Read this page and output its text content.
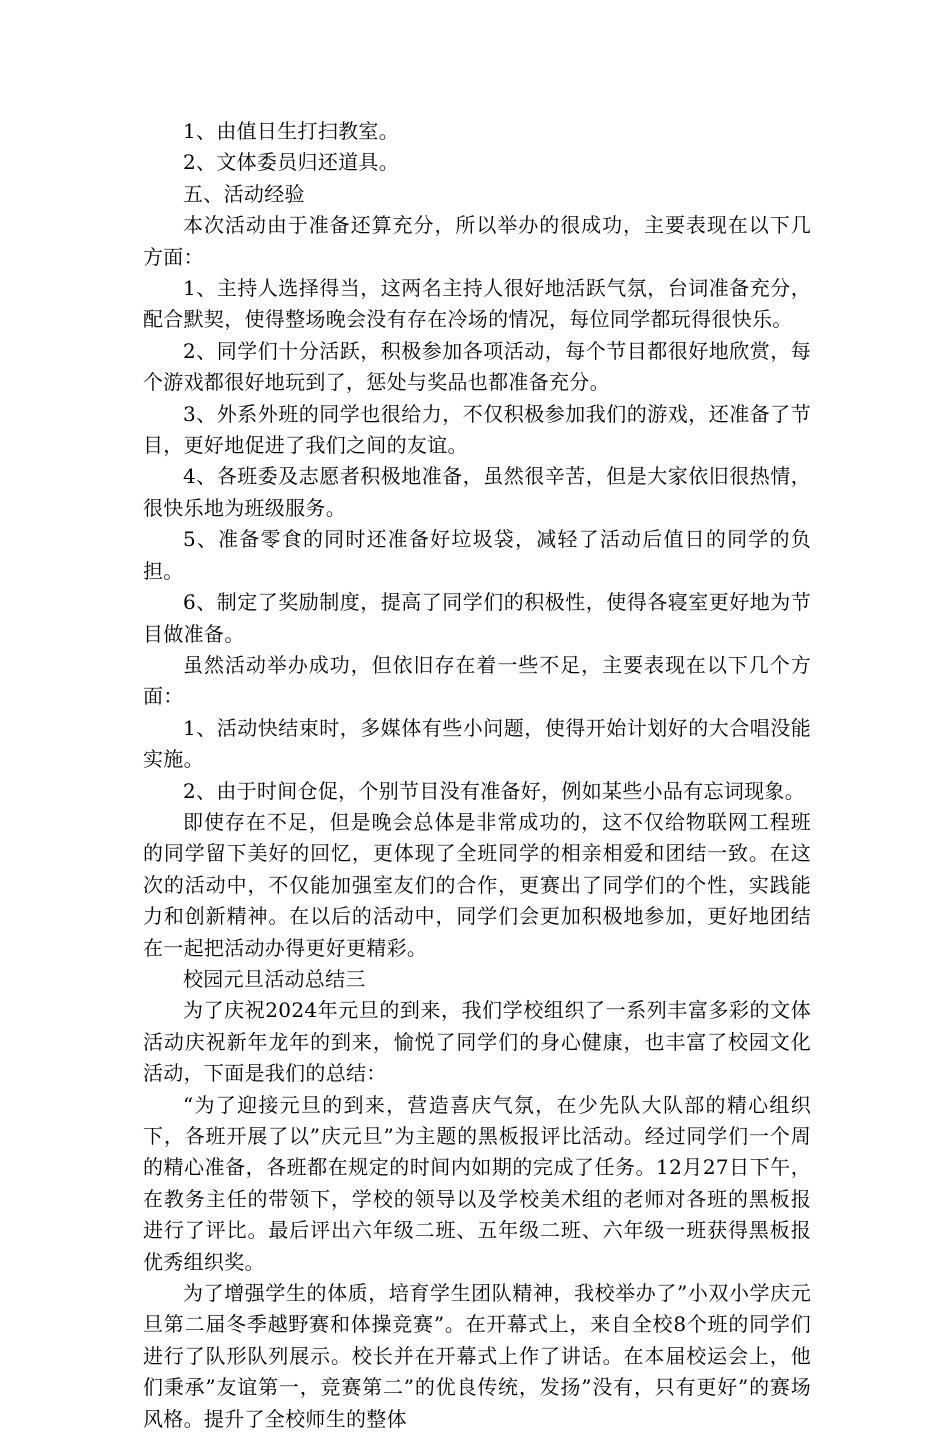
1、由值日生打扫教室。

2、文体委员归还道具。

五、活动经验

本次活动由于准备还算充分，所以举办的很成功，主要表现在以下几方面：

1、主持人选择得当，这两名主持人很好地活跃气氛，台词准备充分，配合默契，使得整场晚会没有存在冷场的情况，每位同学都玩得很快乐。

2、同学们十分活跃，积极参加各项活动，每个节目都很好地欣赏，每个游戏都很好地玩到了，惩处与奖品也都准备充分。

3、外系外班的同学也很给力，不仅积极参加我们的游戏，还准备了节目，更好地促进了我们之间的友谊。

4、各班委及志愿者积极地准备，虽然很辛苦，但是大家依旧很热情，很快乐地为班级服务。

5、准备零食的同时还准备好垃圾袋，减轻了活动后值日的同学的负担。

6、制定了奖励制度，提高了同学们的积极性，使得各寝室更好地为节目做准备。

虽然活动举办成功，但依旧存在着一些不足，主要表现在以下几个方面：

1、活动快结束时，多媒体有些小问题，使得开始计划好的大合唱没能实施。

2、由于时间仓促，个别节目没有准备好，例如某些小品有忘词现象。

即使存在不足，但是晚会总体是非常成功的，这不仅给物联网工程班的同学留下美好的回忆，更体现了全班同学的相亲相爱和团结一致。在这次的活动中，不仅能加强室友们的合作，更赛出了同学们的个性，实践能力和创新精神。在以后的活动中，同学们会更加积极地参加，更好地团结在一起把活动办得更好更精彩。

校园元旦活动总结三

为了庆祝2024年元旦的到来，我们学校组织了一系列丰富多彩的文体活动庆祝新年龙年的到来，愉悦了同学们的身心健康，也丰富了校园文化活动，下面是我们的总结：

“为了迎接元旦的到来，营造喜庆气氛，在少先队大队部的精心组织下，各班开展了以”庆元旦”为主题的黑板报评比活动。经过同学们一个周的精心准备，各班都在规定的时间内如期的完成了任务。12月27日下午，在教务主任的带领下，学校的领导以及学校美术组的老师对各班的黑板报进行了评比。最后评出六年级二班、五年级二班、六年级一班获得黑板报优秀组织奖。

为了增强学生的体质，培育学生团队精神，我校举办了”小双小学庆元旦第二届冬季越野赛和体操竞赛”。在开幕式上，来自全校8个班的同学们进行了队形队列展示。校长并在开幕式上作了讲话。在本届校运会上，他们秉承”友谊第一，竞赛第二”的优良传统，发扬”没有，只有更好”的赛场风格。提升了全校师生的整体
